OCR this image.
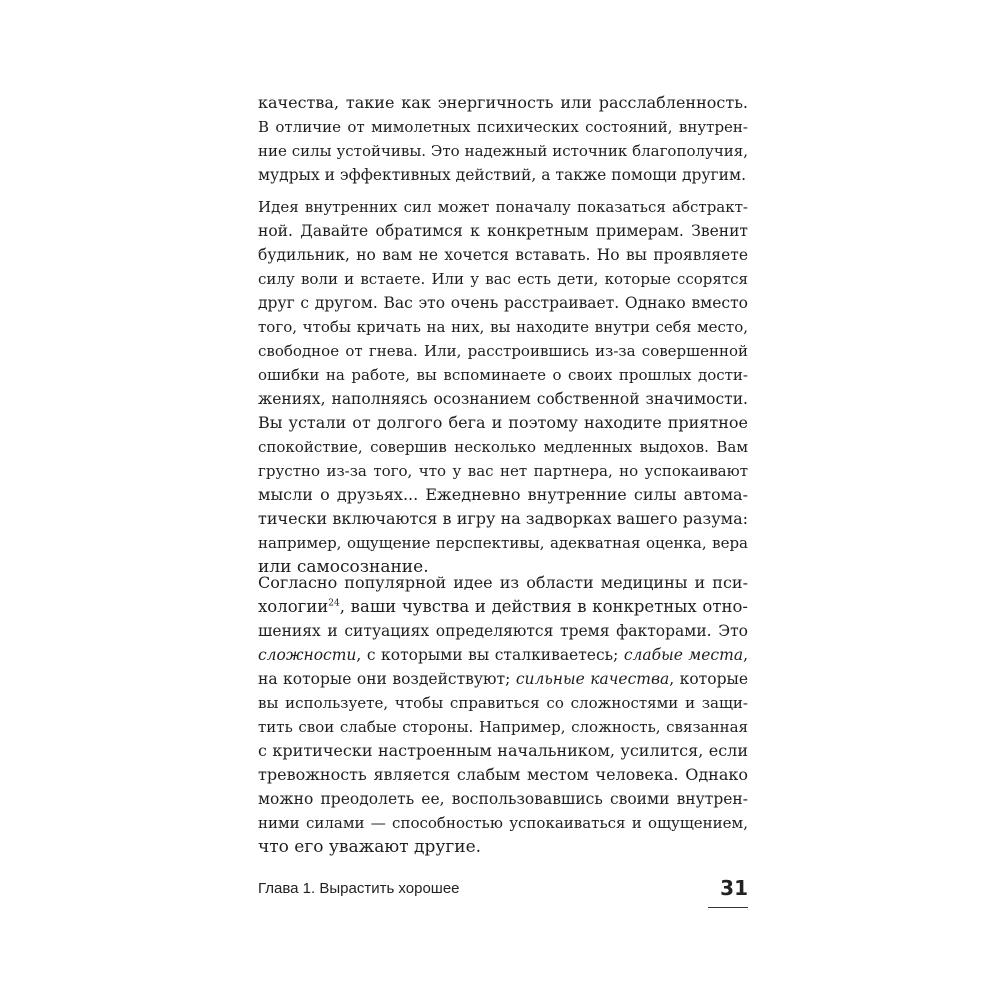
качества, такие как энергичность или расслабленность.
В отличие от мимолетных психических состояний, внутрен-
ние силы устойчивы. Это надежный источник благополучия,
мудрых и эффективных действий, а также помощи другим.
Идея внутренних сил может поначалу показаться абстракт-
ной. Давайте обратимся к конкретным примерам. Звенит
будильник, но вам не хочется вставать. Но вы проявляете
силу воли и встаете. Или у вас есть дети, которые ссорятся
друг с другом. Вас это очень расстраивает. Однако вместо
того, чтобы кричать на них, вы находите внутри себя место,
свободное от гнева. Или, расстроившись из-за совершенной
ошибки на работе, вы вспоминаете о своих прошлых дости-
жениях, наполняясь осознанием собственной значимости.
Вы устали от долгого бега и поэтому находите приятное
спокойствие, совершив несколько медленных выдохов. Вам
грустно из-за того, что у вас нет партнера, но успокаивают
мысли о друзьях... Ежедневно внутренние силы автома-
тически включаются в игру на задворках вашего разума:
например, ощущение перспективы, адекватная оценка, вера
или самосознание.
Согласно популярной идее из области медицины и пси-
хологии$^{24}$, ваши чувства и действия в конкретных отно-
шениях и ситуациях определяются тремя факторами. Это
сложности, с которыми вы сталкиваетесь; слабые места,
на которые они воздействуют; сильные качества, которые
вы используете, чтобы справиться со сложностями и защи-
тить свои слабые стороны. Например, сложность, связанная
с критически настроенным начальником, усилится, если
тревожность является слабым местом человека. Однако
можно преодолеть ее, воспользовавшись своими внутрен-
ними силами — способностью успокаиваться и ощущением,
что его уважают другие.
Глава 1. Вырастить хорошее	31
